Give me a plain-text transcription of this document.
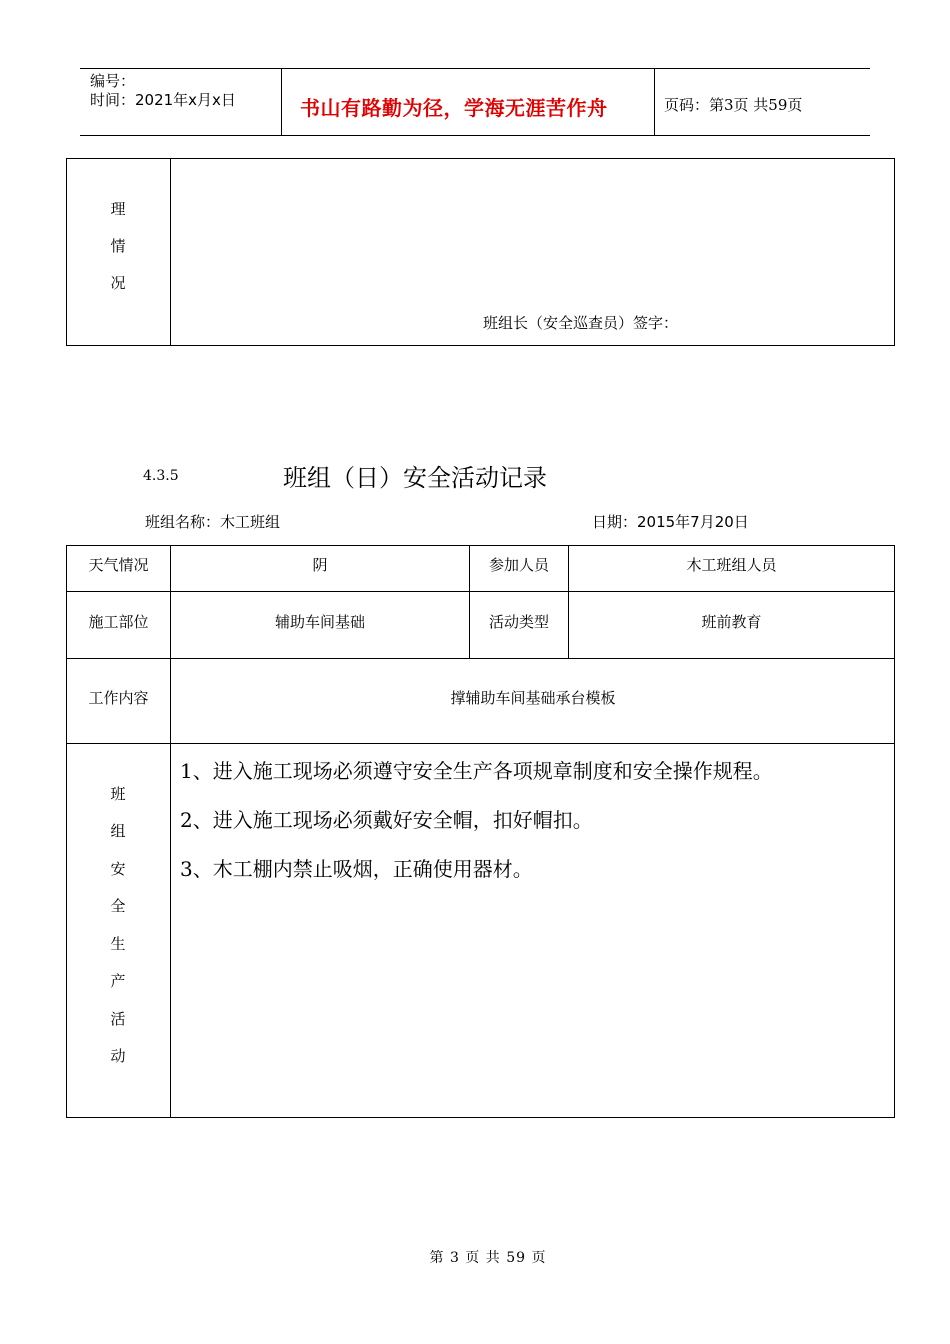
编号：
时间：2021年x月x日	书山有路勤为径，学海无涯苦作舟	页码：第3页 共59页
理
情
况
班组长（安全巡查员）签字：
4.3.5	班组（日）安全活动记录
班组名称：木工班组	日期：2015年7月20日
天气情况	阴	参加人员	木工班组人员
施工部位	辅助车间基础	活动类型	班前教育
工作内容	撑辅助车间基础承台模板
班
组
安
全
生
产
活
动
1、进入施工现场必须遵守安全生产各项规章制度和安全操作规程。
2、进入施工现场必须戴好安全帽，扣好帽扣。
3、木工棚内禁止吸烟，正确使用器材。
第 3 页 共 59 页
